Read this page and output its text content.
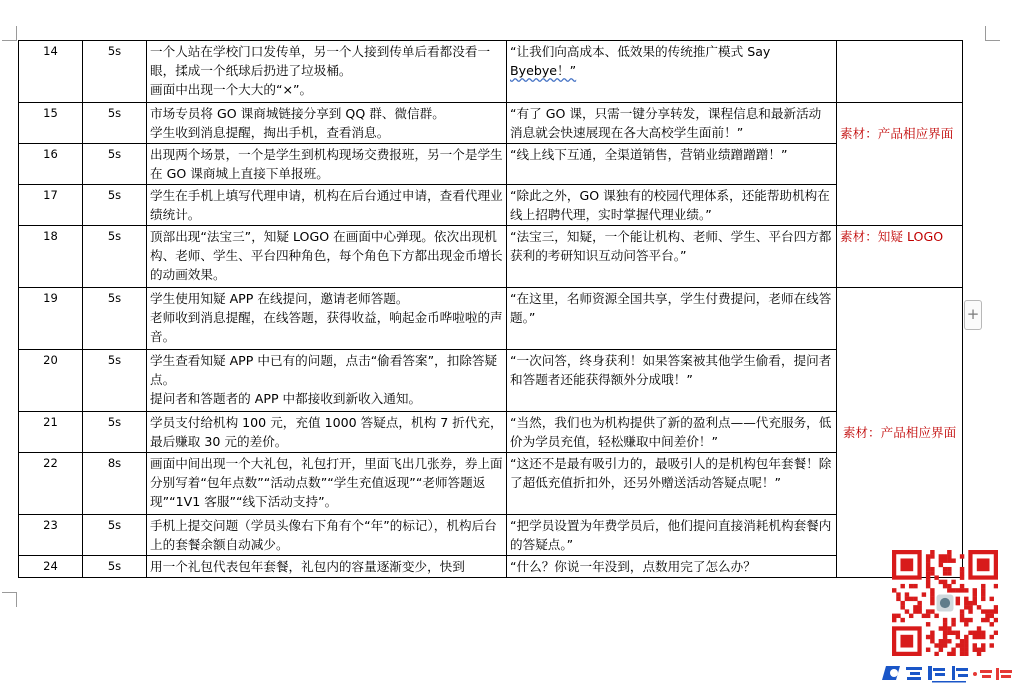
14	5s	一个人站在学校门口发传单，另一个人接到传单后看都没看一眼，揉成一个纸球后扔进了垃圾桶。
画面中出现一个大大的“×”。	“让我们向高成本、低效果的传统推广模式 Say
Byebye！”	

15	5s	市场专员将 GO 课商城链接分享到 QQ 群、微信群。
学生收到消息提醒，掏出手机，查看消息。	“有了 GO 课，只需一键分享转发，课程信息和最新活动消息就会快速展现在各大高校学生面前！”	素材：产品相应界面

16	5s	出现两个场景，一个是学生到机构现场交费报班，另一个是学生在 GO 课商城上直接下单报班。	“线上线下互通，全渠道销售，营销业绩蹭蹭蹭！”	
17	5s	学生在手机上填写代理申请，机构在后台通过申请，查看代理业绩统计。	“除此之外，GO 课独有的校园代理体系，还能帮助机构在线上招聘代理，实时掌握代理业绩。”	
18	5s	顶部出现“法宝三”，知疑 LOGO 在画面中心弹现。依次出现机构、老师、学生、平台四种角色，每个角色下方都出现金币增长的动画效果。	“法宝三，知疑，一个能让机构、老师、学生、平台四方都获利的考研知识互动问答平台。”	素材：知疑 LOGO
19	5s	学生使用知疑 APP 在线提问，邀请老师答题。
老师收到消息提醒，在线答题，获得收益，响起金币哗啦啦的声音。	“在这里，名师资源全国共享，学生付费提问，老师在线答题。”	素材：产品相应界面

20	5s	学生查看知疑 APP 中已有的问题，点击“偷看答案”，扣除答疑点。
提问者和答题者的 APP 中都接收到新收入通知。	“一次问答，终身获利！如果答案被其他学生偷看，提问者和答题者还能获得额外分成哦！”	
21	5s	学员支付给机构 100 元，充值 1000 答疑点，机构 7 折代充，最后赚取 30 元的差价。	“当然，我们也为机构提供了新的盈利点——代充服务，低价为学员充值，轻松赚取中间差价！”	
22	8s	画面中间出现一个大礼包，礼包打开，里面飞出几张券，券上面分别写着“包年点数”“活动点数”“学生充值返现”“老师答题返现”“1V1 客服”“线下活动支持”。	“这还不是最有吸引力的，最吸引人的是机构包年套餐！除了超低充值折扣外，还另外赠送活动答疑点呢！”	
23	5s	手机上提交问题（学员头像右下角有个“年”的标记），机构后台上的套餐余额自动减少。	“把学员设置为年费学员后，他们提问直接消耗机构套餐内的答疑点。”	
24	5s	用一个礼包代表包年套餐，礼包内的容量逐渐变少，快到	“什么？你说一年没到，点数用完了怎么办？	
+
